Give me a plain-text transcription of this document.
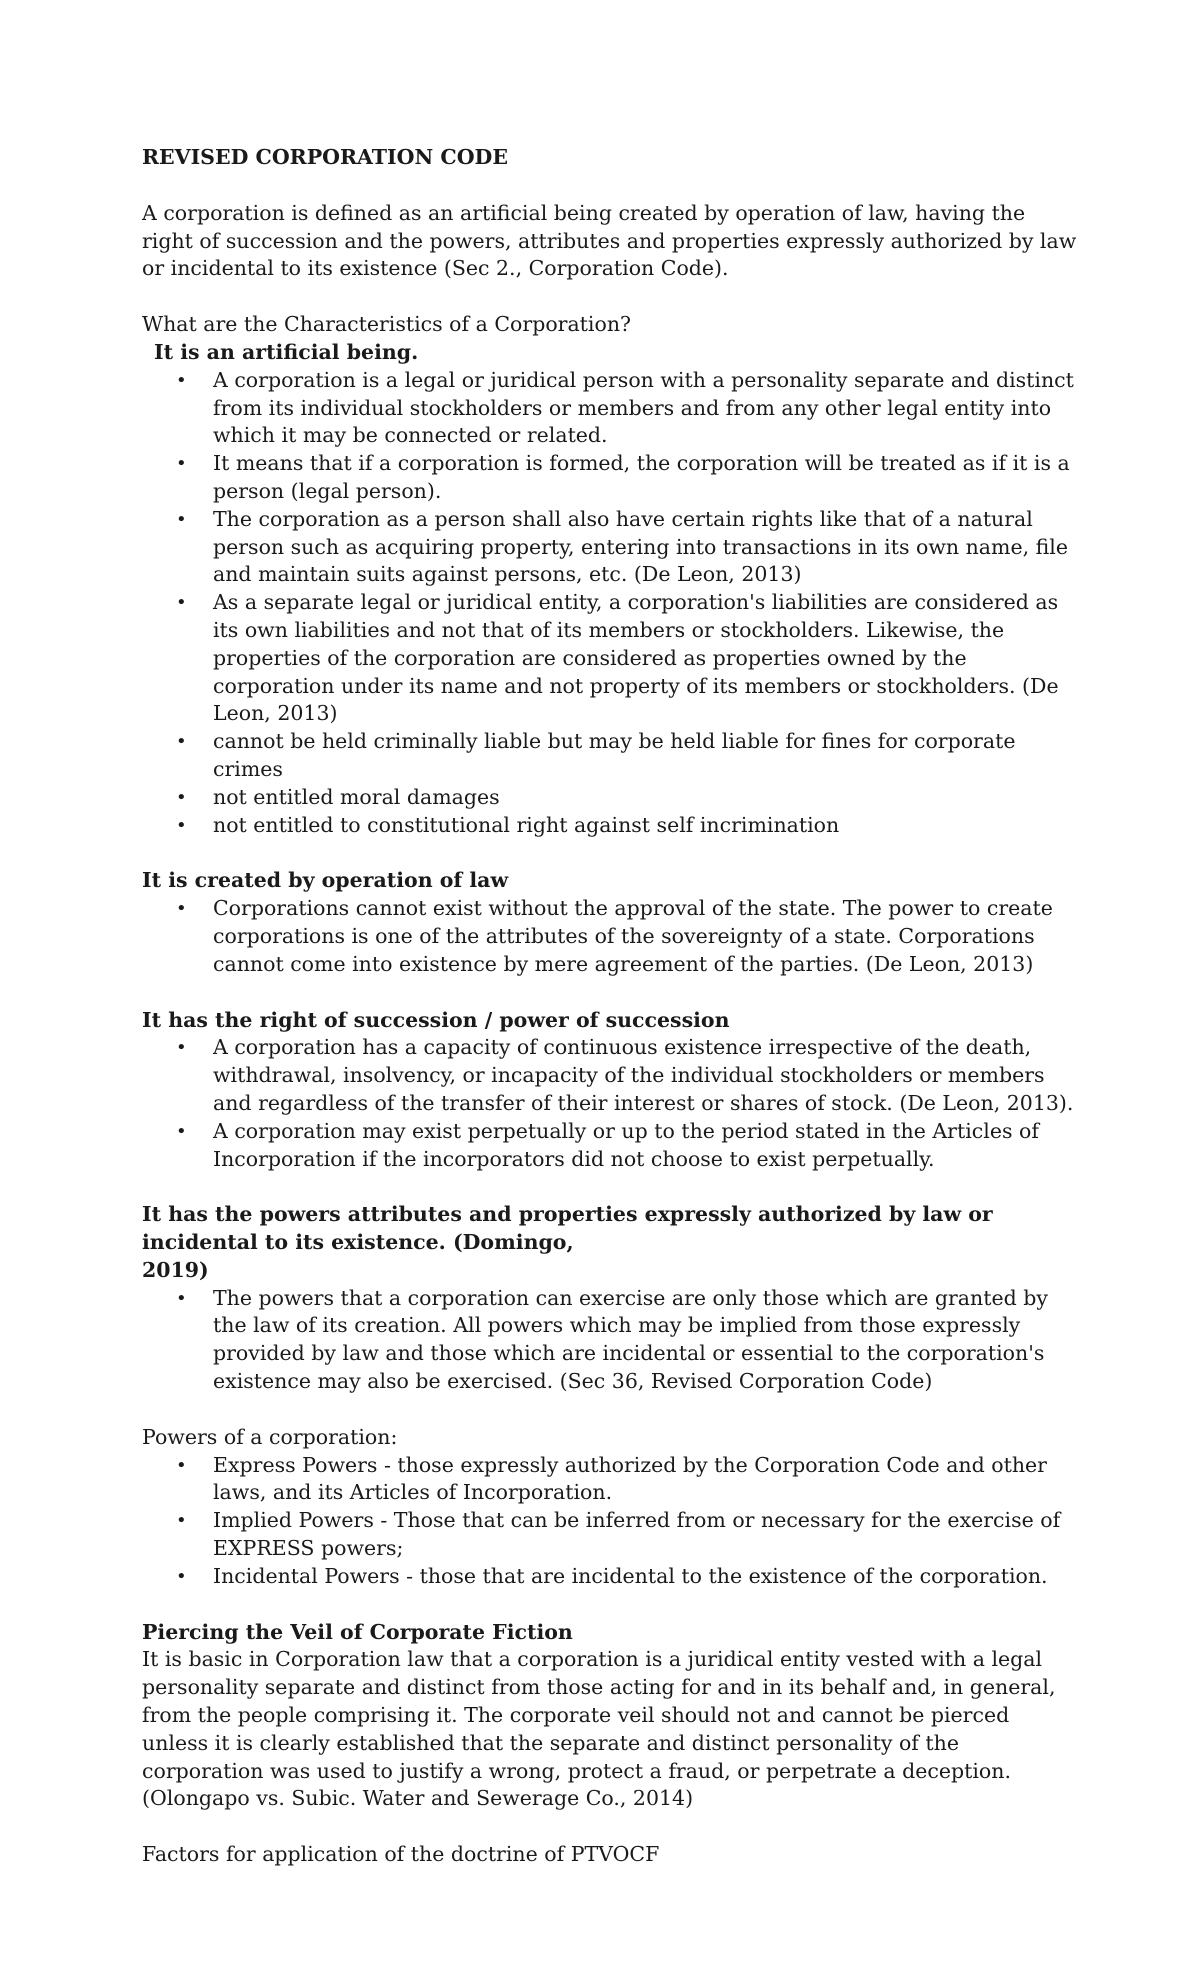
REVISED CORPORATION CODE

A corporation is defined as an artificial being created by operation of law, having the right of succession and the powers, attributes and properties expressly authorized by law or incidental to its existence (Sec 2., Corporation Code).

What are the Characteristics of a Corporation?

It is an artificial being.

• A corporation is a legal or juridical person with a personality separate and distinct from its individual stockholders or members and from any other legal entity into which it may be connected or related.
• It means that if a corporation is formed, the corporation will be treated as if it is a person (legal person).
• The corporation as a person shall also have certain rights like that of a natural person such as acquiring property, entering into transactions in its own name, file and maintain suits against persons, etc. (De Leon, 2013)
• As a separate legal or juridical entity, a corporation's liabilities are considered as its own liabilities and not that of its members or stockholders. Likewise, the properties of the corporation are considered as properties owned by the corporation under its name and not property of its members or stockholders. (De Leon, 2013)
• cannot be held criminally liable but may be held liable for fines for corporate crimes
• not entitled moral damages
• not entitled to constitutional right against self incrimination

It is created by operation of law

• Corporations cannot exist without the approval of the state. The power to create corporations is one of the attributes of the sovereignty of a state. Corporations cannot come into existence by mere agreement of the parties. (De Leon, 2013)

It has the right of succession / power of succession

• A corporation has a capacity of continuous existence irrespective of the death, withdrawal, insolvency, or incapacity of the individual stockholders or members and regardless of the transfer of their interest or shares of stock. (De Leon, 2013).
• A corporation may exist perpetually or up to the period stated in the Articles of Incorporation if the incorporators did not choose to exist perpetually.

It has the powers attributes and properties expressly authorized by law or incidental to its existence. (Domingo,

2019)

• The powers that a corporation can exercise are only those which are granted by the law of its creation. All powers which may be implied from those expressly provided by law and those which are incidental or essential to the corporation's existence may also be exercised. (Sec 36, Revised Corporation Code)

Powers of a corporation:

• Express Powers - those expressly authorized by the Corporation Code and other laws, and its Articles of Incorporation.
• Implied Powers - Those that can be inferred from or necessary for the exercise of EXPRESS powers;
• Incidental Powers - those that are incidental to the existence of the corporation.

Piercing the Veil of Corporate Fiction

It is basic in Corporation law that a corporation is a juridical entity vested with a legal personality separate and distinct from those acting for and in its behalf and, in general, from the people comprising it. The corporate veil should not and cannot be pierced unless it is clearly established that the separate and distinct personality of the corporation was used to justify a wrong, protect a fraud, or perpetrate a deception.

(Olongapo vs. Subic. Water and Sewerage Co., 2014)

Factors for application of the doctrine of PTVOCF
